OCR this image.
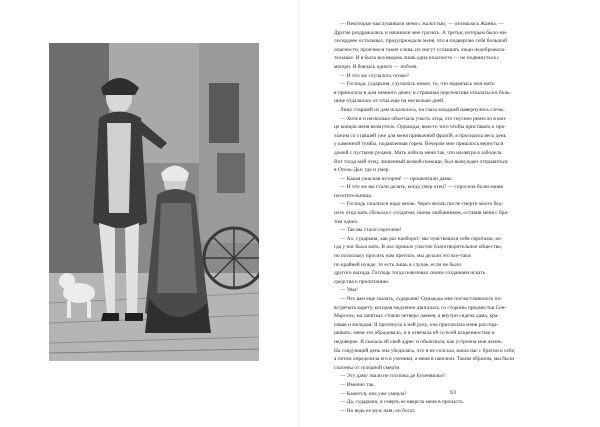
— Некоторые выслушивали меня с жалостью, — отозвалась Жанна. —
Другие раздражались и начинали мне грозить. А третьи, которым было ми-
лосерднее остальных, предупреждали меня, что я подвергаю себя большой
опасности, произнося такие слова: их могут услышать люди недоброжела-
тельные. И я была вся ведома лишь одна опасность — не подвинуться с
матери. Я боялась одного — побоев.
— И что же случалось позже?
— Господа, сударыня, случалось новое, то, что надеялась моя мать:
я приносила в дом немного денег, и страшная перспектива отказаться в боль-
нице отдалялась от отца еще на несколько дней.
Лицо старшей из дам исказилось, на глаза младшей навернулись слезы.
— Хотя я и несколько облегчала участь отца, это гнусное ремесло в кон-
це концов меня возмутило. Однажды, вместо того чтобы приставать к про-
хожим со ставшей уже для меня привычной фразой, я просидела весь день
у каменной тумбы, подавленная горем. Вечером мне пришлось вернуться
домой с пустыми руками. Мать избила меня так, что назавтра я заболела.
Вот тогда мой отец, лишенный всякой помощи, был вынужден отправиться
в Отель-Дье, где и умер.
— Какая ужасная история! — прошептали дамы.
— И что же вы стали делать, когда умер отец? — спросила более юная
посетительница.
— Господь сжалился надо мною. Через месяц после смерти моего бед-
ного отца мать сбежала с солдатом, своим любовником, оставив меня с бра-
том одних.
— Так вы стали сиротами!
— Ах, сударыня, как раз наоборот: мы чувствовали себя сиротами, ко-
гда у нас была мать. В нас пришло участие благотворительное общество,
но поскольку просить нам претило, мы делали это все-таки
по крайней нужде, то есть лишь в случае, если не было
другого выхода. Господь тогда повелевал своим созданиям искать
средства к пропитанию.
— Увы!
— Что вам еще сказать, сударыня? Однажды мне посчастливилось по-
встречать карету, которая медленно двигалась со стороны предместья Сен-
Марсель; на запятках стояли четверо лакеев, а внутри сидела дама, кра-
сивая и молодая. Я протянула к ней руку, она пригласила меня расспра-
шивать; меня это обрадовало, и я отвечала ей со всей искренностью и
недоверие. Я сказала ей свой адрес и объяснила, как устроена моя жизнь.
На следующий день она убедилась, что я не солгала, взяла нас с братом к себе,
а потом определила его в ученики, а меня в пансион. Таким образом, мы были
спасены от голодной смерти.
— Эту даму звали не госпожа де Буленвилье?
— Именно так.
— Кажется, она уже умерла?
— Да, сударыня, и смерть ее ввергла меня в пропасть.
— Но ведь ее муж жив, он богат.
63
